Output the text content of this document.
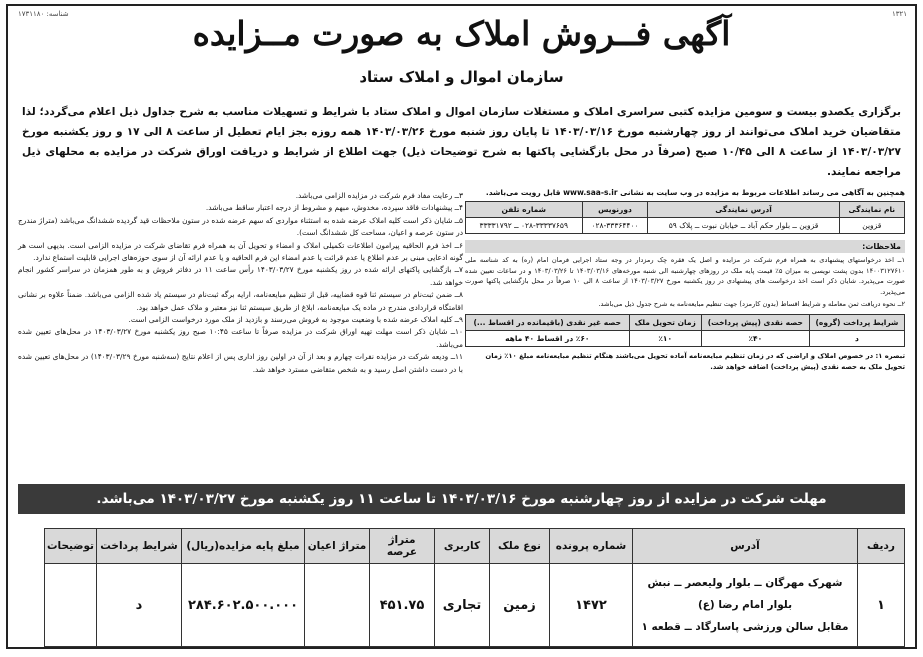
۱۳۲۱
شناسه: ۱۷۳۱۱۸۰	آگهی فــروش املاک به صورت مــزایده
سازمان اموال و املاک ستاد
برگزاری یکصدو بیست و سومین مزایده کتبی سراسری املاک و مستغلات سازمان اموال و املاک ستاد با شرایط و تسهیلات مناسب به شرح جداول ذیل اعلام می‌گردد؛ لذا متقاضیان خرید املاک می‌توانند از روز چهارشنبه مورخ ۱۴۰۳/۰۳/۱۶ تا پایان روز شنبه مورخ ۱۴۰۳/۰۳/۲۶ همه روزه بجز ایام تعطیل از ساعت ۸ الی ۱۷ و روز یکشنبه مورخ ۱۴۰۳/۰۳/۲۷ از ساعت ۸ الی ۱۰/۴۵ صبح (صرفاً در محل بازگشایی پاکتها به شرح توضیحات ذیل) جهت اطلاع از شرایط و دریافت اوراق شرکت در مزایده به محلهای ذیل مراجعه نمایند.
همچنین به آگاهی می رساند اطلاعات مربوط به مزایده در وب سایت به نشانی www.saa-s.ir قابل رویت می‌باشد.
نام نمایندگی	آدرس نمایندگی	دورنویس	شماره تلفن
قزوین	قزوین ــ بلوار حکم آباد ــ خیابان نبوت ــ پلاک ۵۹	۰۲۸-۳۳۳۶۴۴۰۰	۰۲۸-۳۳۳۳۷۶۵۹ ــ ۳۳۳۳۱۷۹۲
ملاحظات:

۱ــ اخذ درخواستهای پیشنهادی به همراه فرم شرکت در مزایده و اصل یک فقره چک رمزدار در وجه ستاد اجرایی فرمان امام (ره) به کد شناسه ملی ۱۴۰۰۳۱۲۷۶۱۰ بدون پشت نویسی به میزان ۵٪ قیمت پایه ملک در روزهای چهارشنبه الی شنبه مورخه‌های ۱۴۰۳/۰۳/۱۶ تا ۱۴۰۳/۰۳/۲۶ و در ساعات تعیین شده صورت می‌پذیرد. شایان ذکر است اخذ درخواست های پیشنهادی در روز یکشنبه مورخ ۱۴۰۳/۰۳/۲۷ از ساعت ۸ الی ۱۰ صرفاً در محل بازگشایی پاکتها صورت می‌پذیرد.

۲ــ نحوه دریافت ثمن معامله و شرایط اقساط (بدون کارمزد) جهت تنظیم مبایعه‌نامه به شرح جدول ذیل می‌باشد.

شرایط پرداخت (گروه)	حصه نقدی (پیش پرداخت)	زمان تحویل ملک	حصه غیر نقدی (باقیمانده در اقساط ...)
د	٪۴۰	٪۱۰	٪۶۰ در اقساط ۴۰ ماهه
تبصره ۱: در خصوص املاک و اراضی که در زمان تنظیم مبایعه‌نامه آماده تحویل می‌باشند هنگام تنظیم مبایعه‌نامه مبلغ ۱۰٪ زمان تحویل ملک به حصه نقدی (پیش پرداخت) اضافه خواهد شد.

۳ــ رعایت مفاد فرم شرکت در مزایده الزامی می‌باشد.

۴ــ پیشنهادات فاقد سپرده، مخدوش، مبهم و مشروط از درجه اعتبار ساقط می‌باشد.

۵ــ شایان ذکر است کلیه املاک عرضه شده به استثناء مواردی که سهم عرضه شده در ستون ملاحظات قید گردیده ششدانگ می‌باشد (متراژ مندرج در ستون عرصه و اعیان، مساحت کل ششدانگ است).

۶ــ اخذ فرم الحاقیه پیرامون اطلاعات تکمیلی املاک و امضاء و تحویل آن به همراه فرم تقاضای شرکت در مزایده الزامی است. بدیهی است هر گونه ادعایی مبنی بر عدم اطلاع یا عدم قرائت یا عدم امضاء این فرم الحاقیه و یا عدم ارائه آن از سوی حوزه‌های اجرایی قابلیت استماع ندارد.

۷ــ بازگشایی پاکتهای ارائه شده در روز یکشنبه مورخ ۱۴۰۳/۰۳/۲۷ رأس ساعت ۱۱ در دفاتر فروش و به طور همزمان در سراسر کشور انجام خواهد شد.

۸ــ ضمن ثبت‌نام در سیستم ثنا قوه قضاییه، قبل از تنظیم مبایعه‌نامه، ارایه برگه ثبت‌نام در سیستم یاد شده الزامی می‌باشد. ضمناً علاوه بر نشانی اقامتگاه قراردادی مندرج در ماده یک مبایعه‌نامه، ابلاغ از طریق سیستم ثنا نیز معتبر و ملاک عمل خواهد بود.

۹ــ کلیه املاک عرضه شده با وضعیت موجود به فروش می‌رسند و بازدید از ملک مورد درخواست الزامی است.

۱۰ــ شایان ذکر است مهلت تهیه اوراق شرکت در مزایده صرفاً تا ساعت ۱۰:۴۵ صبح روز یکشنبه مورخ ۱۴۰۳/۰۳/۲۷ در محل‌های تعیین شده می‌باشد.

۱۱ــ ودیعه شرکت در مزایده نفرات چهارم و بعد از آن در اولین روز اداری پس از اعلام نتایج (سه‌شنبه مورخ ۱۴۰۳/۰۳/۲۹) در محل‌های تعیین شده با در دست داشتن اصل رسید و به شخص متقاضی مسترد خواهد شد.

مهلت شرکت در مزایده از روز چهارشنبه مورخ ۱۴۰۳/۰۳/۱۶ تا ساعت ۱۱ روز یکشنبه مورخ ۱۴۰۳/۰۳/۲۷ می‌باشد.
ردیف	آدرس	شماره پرونده	نوع ملک	کاربری	متراژ عرصه	متراژ اعیان	مبلغ پایه مزایده(ریال)	شرایط پرداخت	توضیحات
۱	شهرک مهرگان ــ بلوار ولیعصر ــ نبش بلوار امام رضا (ع)
مقابل سالن ورزشی پاسارگاد ــ قطعه ۱	۱۴۷۲	زمین	تجاری	۴۵۱.۷۵		۲۸۴.۶۰۲.۵۰۰.۰۰۰	د	
